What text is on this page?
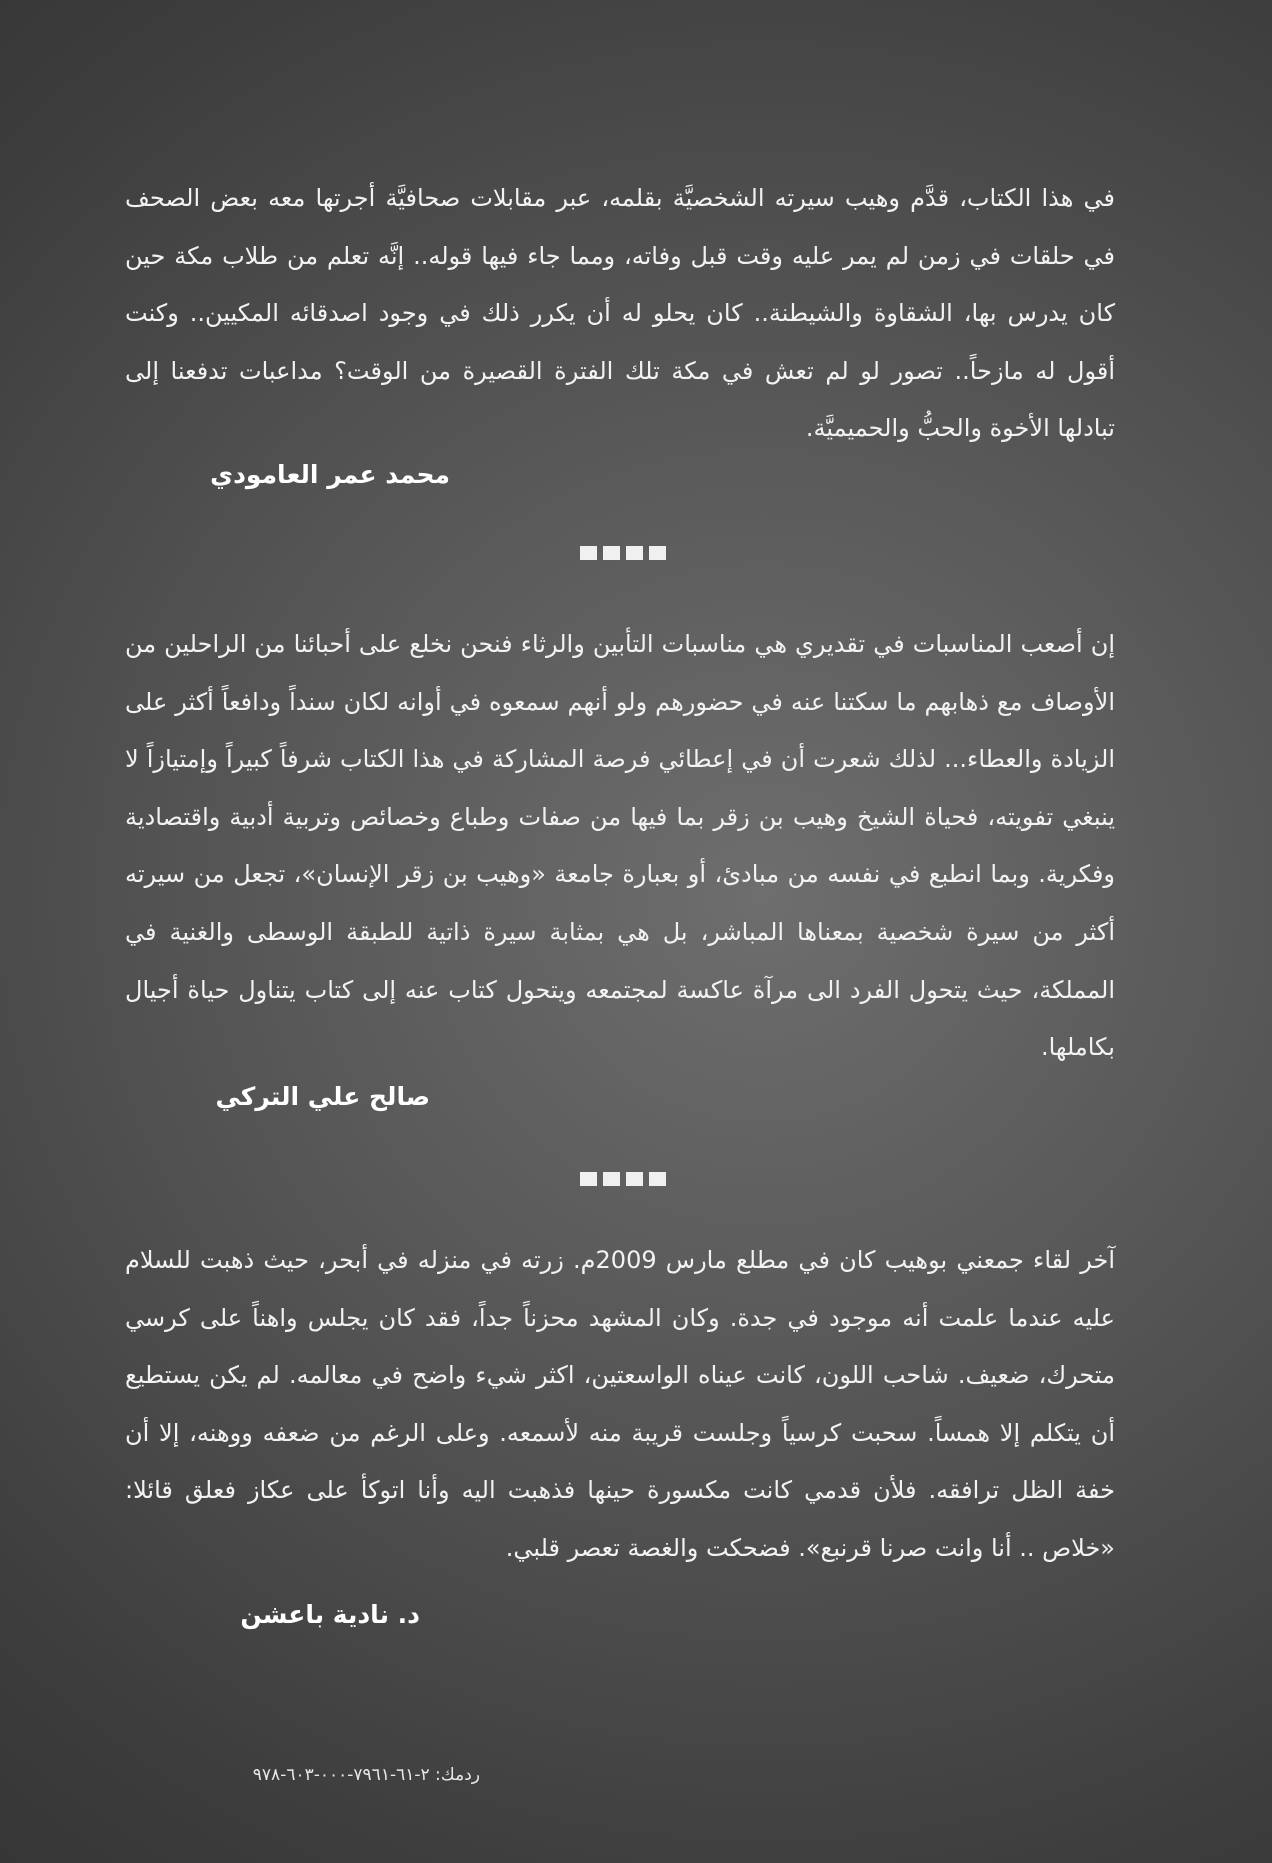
في هذا الكتاب، قدَّم وهيب سيرته الشخصيَّة بقلمه، عبر مقابلات صحافيَّة أجرتها معه بعض الصحف في حلقات في زمن لم يمر عليه وقت قبل وفاته، ومما جاء فيها قوله.. إنَّه تعلم من طلاب مكة حين كان يدرس بها، الشقاوة والشيطنة.. كان يحلو له أن يكرر ذلك في وجود اصدقائه المكيين.. وكنت أقول له مازحاً.. تصور لو لم تعش في مكة تلك الفترة القصيرة من الوقت؟ مداعبات تدفعنا إلى تبادلها الأخوة والحبُّ والحميميَّة.

محمد عمر العامودي

إن أصعب المناسبات في تقديري هي مناسبات التأبين والرثاء فنحن نخلع على أحبائنا من الراحلين من الأوصاف مع ذهابهم ما سكتنا عنه في حضورهم ولو أنهم سمعوه في أوانه لكان سنداً ودافعاً أكثر على الزيادة والعطاء... لذلك شعرت أن في إعطائي فرصة المشاركة في هذا الكتاب شرفاً كبيراً وإمتيازاً لا ينبغي تفويته، فحياة الشيخ وهيب بن زقر بما فيها من صفات وطباع وخصائص وتربية أدبية واقتصادية وفكرية. وبما انطبع في نفسه من مبادئ، أو بعبارة جامعة «وهيب بن زقر الإنسان»، تجعل من سيرته أكثر من سيرة شخصية بمعناها المباشر، بل هي بمثابة سيرة ذاتية للطبقة الوسطى والغنية في المملكة، حيث يتحول الفرد الى مرآة عاكسة لمجتمعه ويتحول كتاب عنه إلى كتاب يتناول حياة أجيال بكاملها.

صالح علي التركي

آخر لقاء جمعني بوهيب كان في مطلع مارس 2009م. زرته في منزله في أبحر، حيث ذهبت للسلام عليه عندما علمت أنه موجود في جدة. وكان المشهد محزناً جداً، فقد كان يجلس واهناً على كرسي متحرك، ضعيف. شاحب اللون، كانت عيناه الواسعتين، اكثر شيء واضح في معالمه. لم يكن يستطيع أن يتكلم إلا همساً. سحبت كرسياً وجلست قريبة منه لأسمعه. وعلى الرغم من ضعفه ووهنه، إلا أن خفة الظل ترافقه. فلأن قدمي كانت مكسورة حينها فذهبت اليه وأنا اتوكأ على عكاز فعلق قائلا: «خلاص .. أنا وانت صرنا قرنبع». فضحكت والغصة تعصر قلبي.

د. نادية باعشن
ردمك: ٢-٦١-٧٩٦١-٠٠٠-٦٠٣-٩٧٨
